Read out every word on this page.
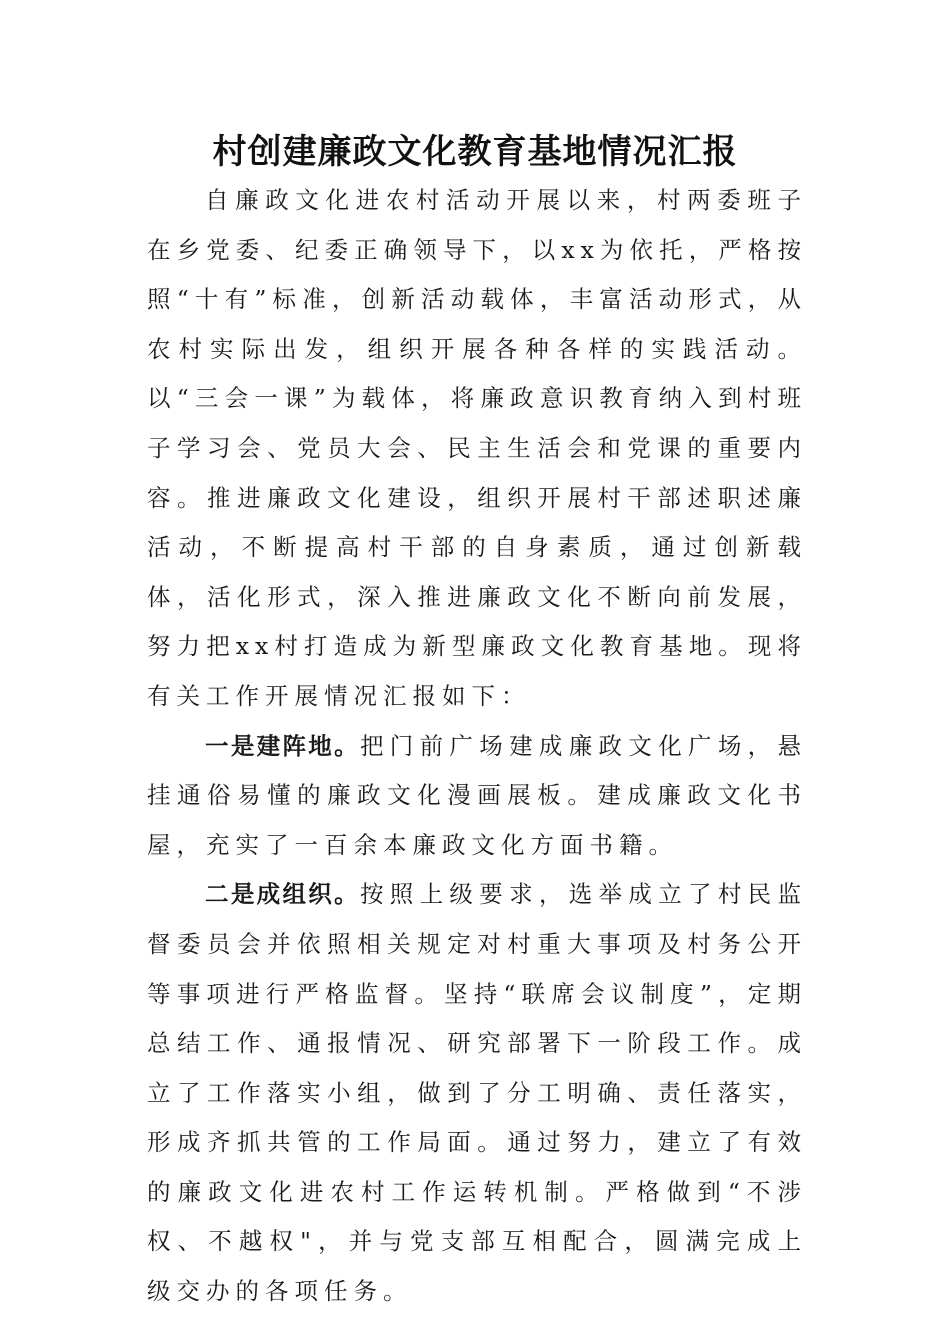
村创建廉政文化教育基地情况汇报

自廉政文化进农村活动开展以来，村两委班子在乡党委、纪委正确领导下，以xx为依托，严格按照“十有”标准，创新活动载体，丰富活动形式，从农村实际出发，组织开展各种各样的实践活动。以“三会一课”为载体，将廉政意识教育纳入到村班子学习会、党员大会、民主生活会和党课的重要内容。推进廉政文化建设，组织开展村干部述职述廉活动，不断提高村干部的自身素质，通过创新载体，活化形式，深入推进廉政文化不断向前发展，努力把xx村打造成为新型廉政文化教育基地。现将有关工作开展情况汇报如下：

一是建阵地。把门前广场建成廉政文化广场，悬挂通俗易懂的廉政文化漫画展板。建成廉政文化书屋，充实了一百余本廉政文化方面书籍。

二是成组织。按照上级要求，选举成立了村民监督委员会并依照相关规定对村重大事项及村务公开等事项进行严格监督。坚持“联席会议制度”，定期总结工作、通报情况、研究部署下一阶段工作。成立了工作落实小组，做到了分工明确、责任落实，形成齐抓共管的工作局面。通过努力，建立了有效的廉政文化进农村工作运转机制。严格做到“不涉权、不越权"，并与党支部互相配合，圆满完成上级交办的各项任务。
